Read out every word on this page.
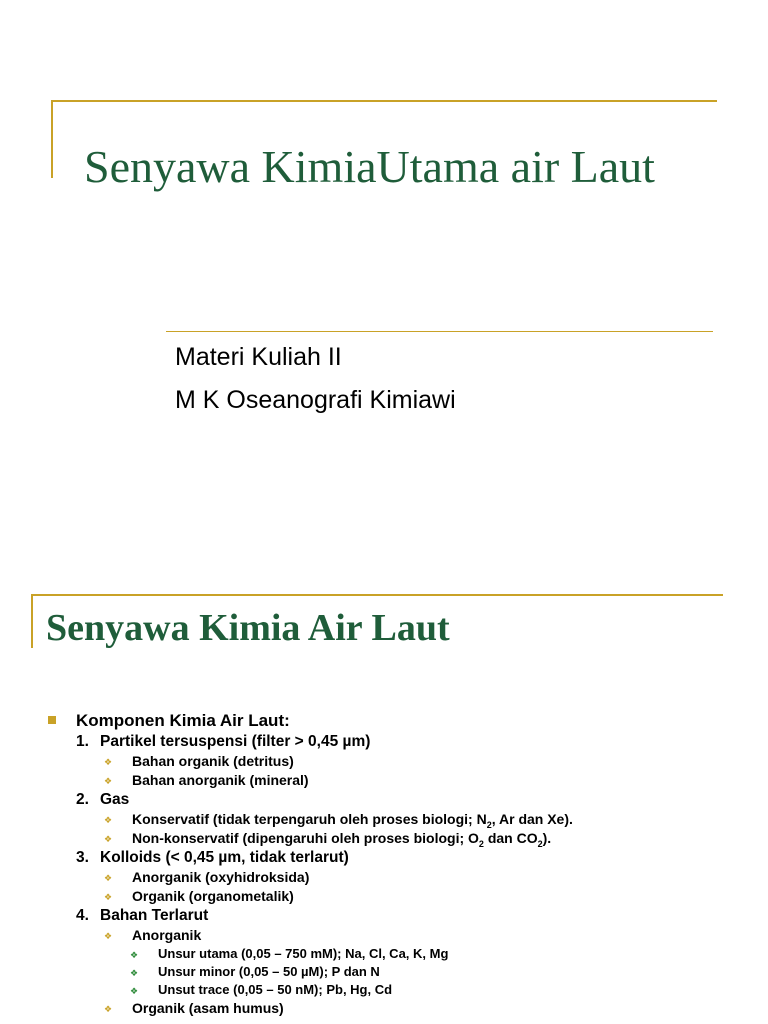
Senyawa KimiaUtama air Laut
Materi Kuliah II
M K Oseanografi Kimiawi
Senyawa Kimia Air Laut
Komponen Kimia Air Laut:
1. Partikel tersuspensi (filter > 0,45 µm)
❖ Bahan organik (detritus)
❖ Bahan anorganik (mineral)
2. Gas
❖ Konservatif (tidak terpengaruh oleh proses biologi; $N_2$, Ar dan Xe).
❖ Non-konservatif (dipengaruhi oleh proses biologi; $O_2$ dan $CO_2$).
3. Kolloids (< 0,45 µm, tidak terlarut)
❖ Anorganik (oxyhidroksida)
❖ Organik (organometalik)
4. Bahan Terlarut
❖ Anorganik
❖ Unsur utama (0,05 – 750 mM); Na, Cl, Ca, K, Mg
❖ Unsur minor (0,05 – 50 µM); P dan N
❖ Unsut trace (0,05 – 50 nM); Pb, Hg, Cd
❖ Organik (asam humus)
